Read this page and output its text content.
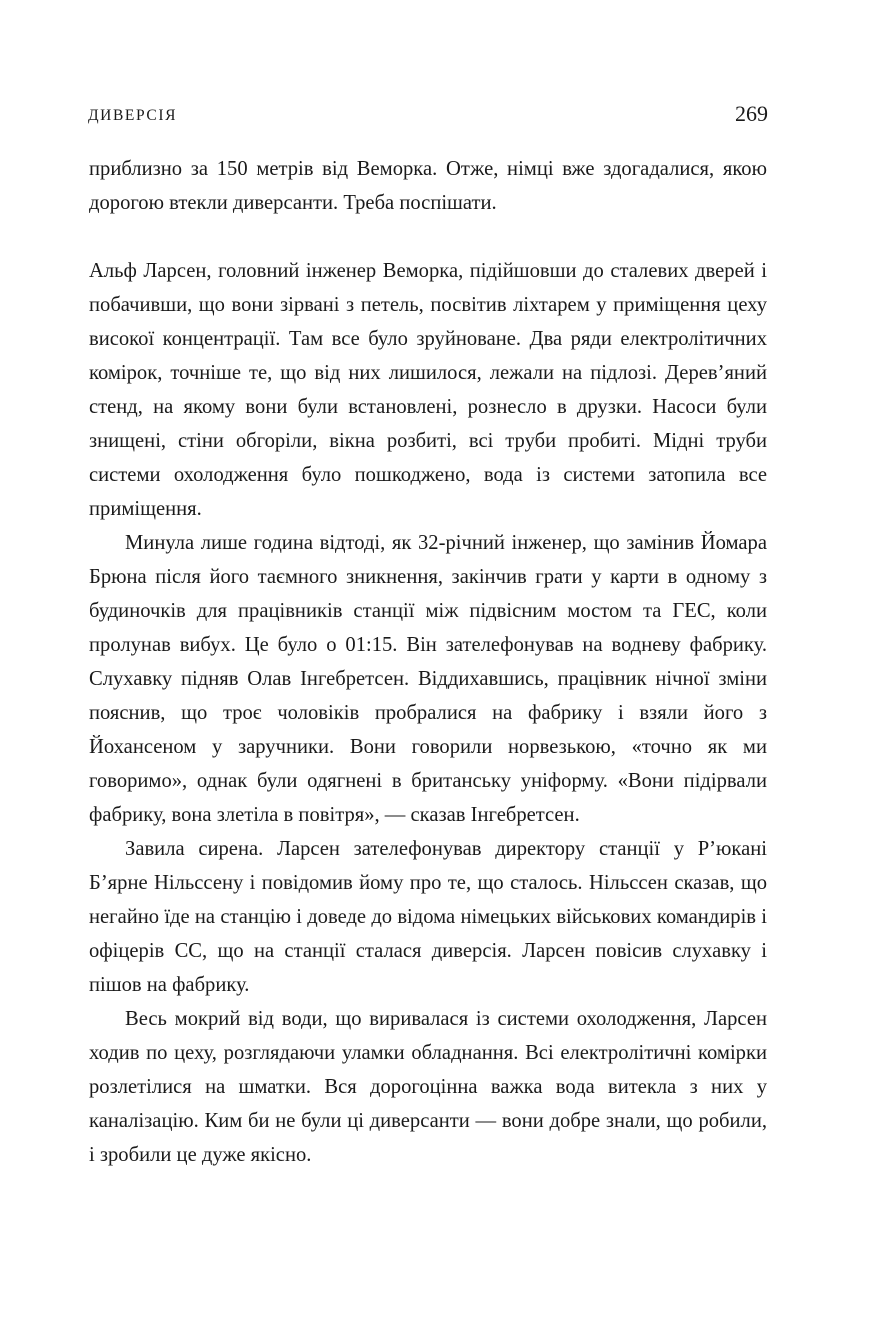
ДИВЕРСІЯ	269

приблизно за 150 метрів від Веморка. Отже, німці вже здогадалися, якою дорогою втекли диверсанти. Треба поспішати.

Альф Ларсен, головний інженер Веморка, підійшовши до сталевих дверей і побачивши, що вони зірвані з петель, посвітив ліхтарем у приміщення цеху високої концентрації. Там все було зруйноване. Два ряди електролітичних комірок, точніше те, що від них лишилося, лежали на підлозі. Дерев’яний стенд, на якому вони були встановлені, рознесло в друзки. Насоси були знищені, стіни обгоріли, вікна розбиті, всі труби пробиті. Мідні труби системи охолодження було пошкоджено, вода із системи затопила все приміщення.

Минула лише година відтоді, як 32-річний інженер, що замінив Йомара Брюна після його таємного зникнення, закінчив грати у карти в одному з будиночків для працівників станції між підвісним мостом та ГЕС, коли пролунав вибух. Це було о 01:15. Він зателефонував на водневу фабрику. Слухавку підняв Олав Інгебретсен. Віддихавшись, працівник нічної зміни пояснив, що троє чоловіків пробралися на фабрику і взяли його з Йохансеном у заручники. Вони говорили норвезькою, «точно як ми говоримо», однак були одягнені в британську уніформу. «Вони підірвали фабрику, вона злетіла в повітря», — сказав Інгебретсен.

Завила сирена. Ларсен зателефонував директору станції у Р’юкані Б’ярне Нільссену і повідомив йому про те, що сталось. Нільссен сказав, що негайно їде на станцію і доведе до відома німецьких військових командирів і офіцерів СС, що на станції сталася диверсія. Ларсен повісив слухавку і пішов на фабрику.

Весь мокрий від води, що виривалася із системи охолодження, Ларсен ходив по цеху, розглядаючи уламки обладнання. Всі електролітичні комірки розлетілися на шматки. Вся дорогоцінна важка вода витекла з них у каналізацію. Ким би не були ці диверсанти — вони добре знали, що робили, і зробили це дуже якісно.
